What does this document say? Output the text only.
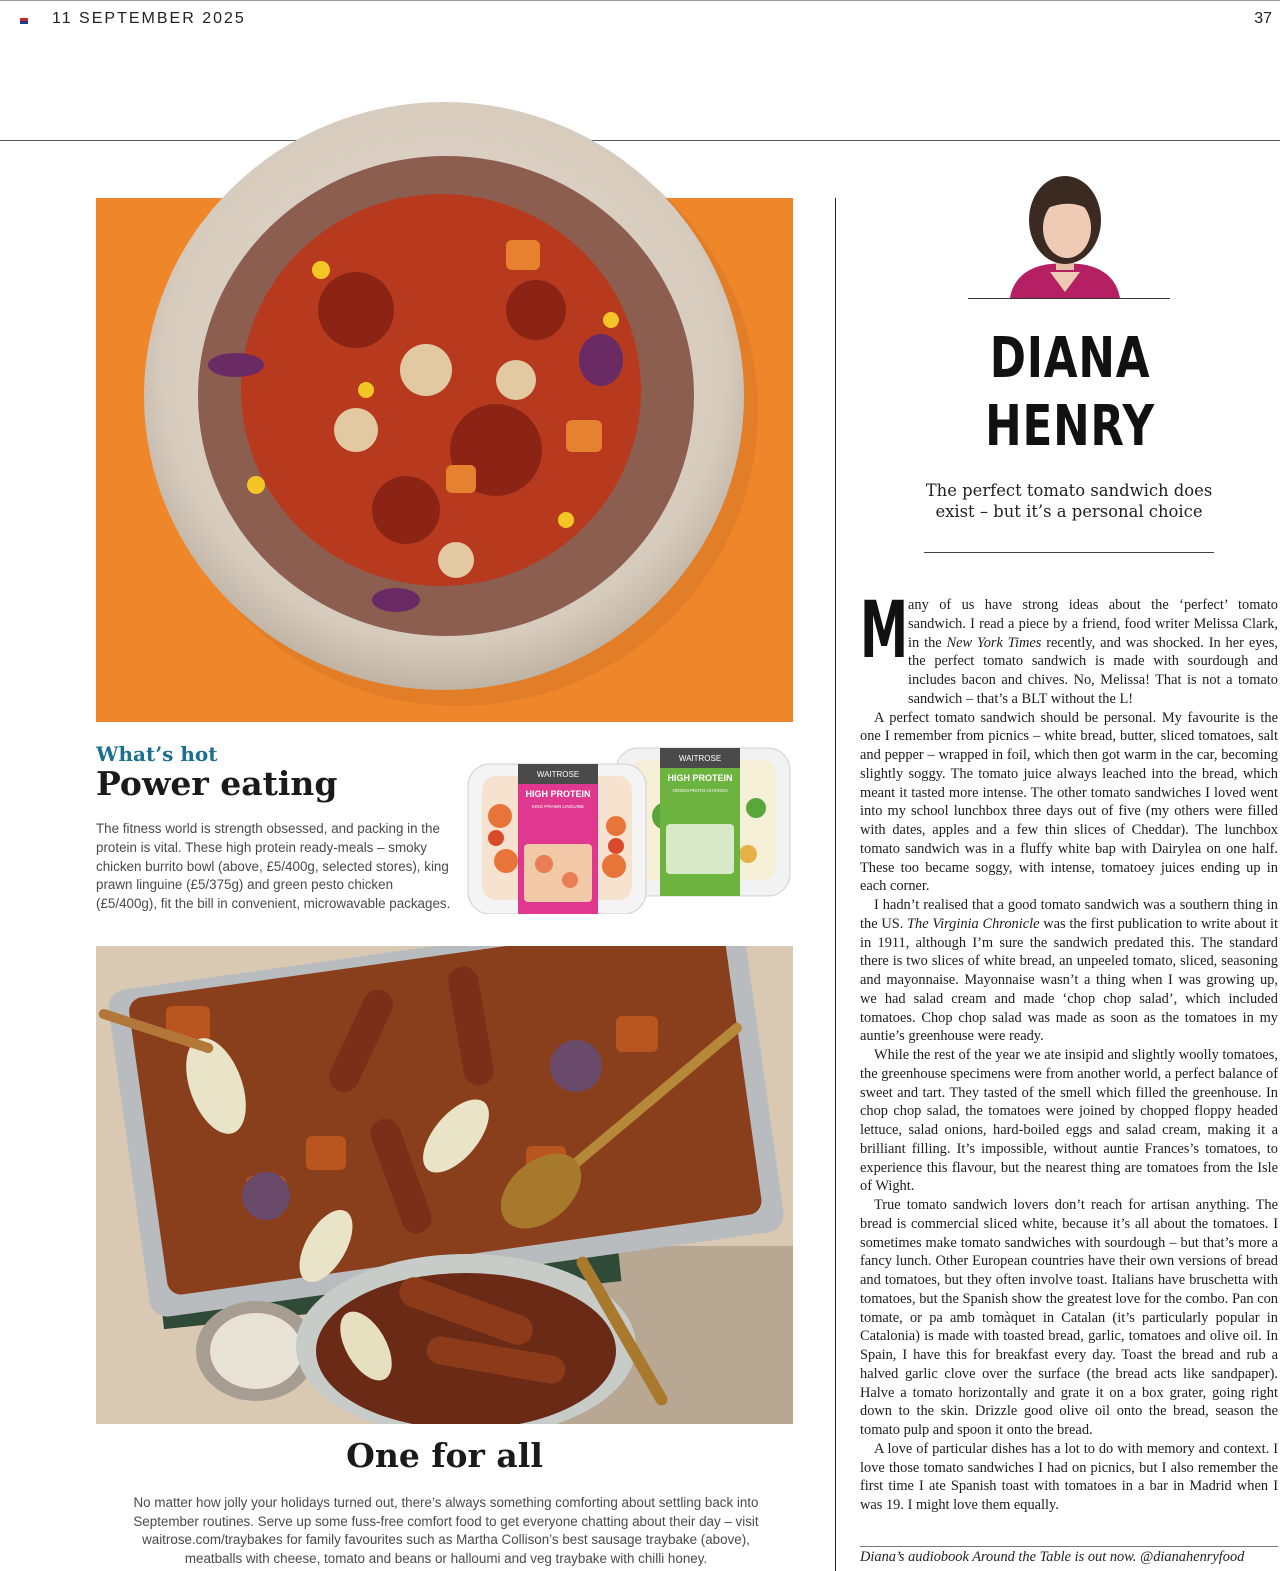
11 SEPTEMBER 2025	37
What’s hot
Power eating
The fitness world is strength obsessed, and packing in the protein is vital. These high protein ready-meals – smoky chicken burrito bowl (above, £5/400g, selected stores), king prawn linguine (£5/375g) and green pesto chicken (£5/400g), fit the bill in convenient, microwavable packages.
WAITROSE
HIGH PROTEIN
GREEN PESTO CHICKEN
WAITROSE
HIGH PROTEIN
KING PRAWN LINGUINE
One for all
No matter how jolly your holidays turned out, there’s always something comforting about settling back into September routines. Serve up some fuss-free comfort food to get everyone chatting about their day – visit waitrose.com/traybakes for family favourites such as Martha Collison’s best sausage traybake (above), meatballs with cheese, tomato and beans or halloumi and veg traybake with chilli honey.
DIANA
HENRY
The perfect tomato sandwich does exist – but it’s a personal choice

Many of us have strong ideas about the ‘perfect’ tomato sandwich. I read a piece by a friend, food writer Melissa Clark, in the New York Times recently, and was shocked. In her eyes, the perfect tomato sandwich is made with sourdough and includes bacon and chives. No, Melissa! That is not a tomato sandwich – that’s a BLT without the L!

A perfect tomato sandwich should be personal. My favourite is the one I remember from picnics – white bread, butter, sliced tomatoes, salt and pepper – wrapped in foil, which then got warm in the car, becoming slightly soggy. The tomato juice always leached into the bread, which meant it tasted more intense. The other tomato sandwiches I loved went into my school lunchbox three days out of five (my others were filled with dates, apples and a few thin slices of Cheddar). The lunchbox tomato sandwich was in a fluffy white bap with Dairylea on one half. These too became soggy, with intense, tomatoey juices ending up in each corner.

I hadn’t realised that a good tomato sandwich was a southern thing in the US. The Virginia Chronicle was the first publication to write about it in 1911, although I’m sure the sandwich predated this. The standard there is two slices of white bread, an unpeeled tomato, sliced, seasoning and mayonnaise. Mayonnaise wasn’t a thing when I was growing up, we had salad cream and made ‘chop chop salad’, which included tomatoes. Chop chop salad was made as soon as the tomatoes in my auntie’s greenhouse were ready.

While the rest of the year we ate insipid and slightly woolly tomatoes, the greenhouse specimens were from another world, a perfect balance of sweet and tart. They tasted of the smell which filled the greenhouse. In chop chop salad, the tomatoes were joined by chopped floppy headed lettuce, salad onions, hard-boiled eggs and salad cream, making it a brilliant filling. It’s impossible, without auntie Frances’s tomatoes, to experience this flavour, but the nearest thing are tomatoes from the Isle of Wight.

True tomato sandwich lovers don’t reach for artisan anything. The bread is commercial sliced white, because it’s all about the tomatoes. I sometimes make tomato sandwiches with sourdough – but that’s more a fancy lunch. Other European countries have their own versions of bread and tomatoes, but they often involve toast. Italians have bruschetta with tomatoes, but the Spanish show the greatest love for the combo. Pan con tomate, or pa amb tomàquet in Catalan (it’s particularly popular in Catalonia) is made with toasted bread, garlic, tomatoes and olive oil. In Spain, I have this for breakfast every day. Toast the bread and rub a halved garlic clove over the surface (the bread acts like sandpaper). Halve a tomato horizontally and grate it on a box grater, going right down to the skin. Drizzle good olive oil onto the bread, season the tomato pulp and spoon it onto the bread.

A love of particular dishes has a lot to do with memory and context. I love those tomato sandwiches I had on picnics, but I also remember the first time I ate Spanish toast with tomatoes in a bar in Madrid when I was 19. I might love them equally.

Diana’s audiobook Around the Table is out now. @dianahenryfood
